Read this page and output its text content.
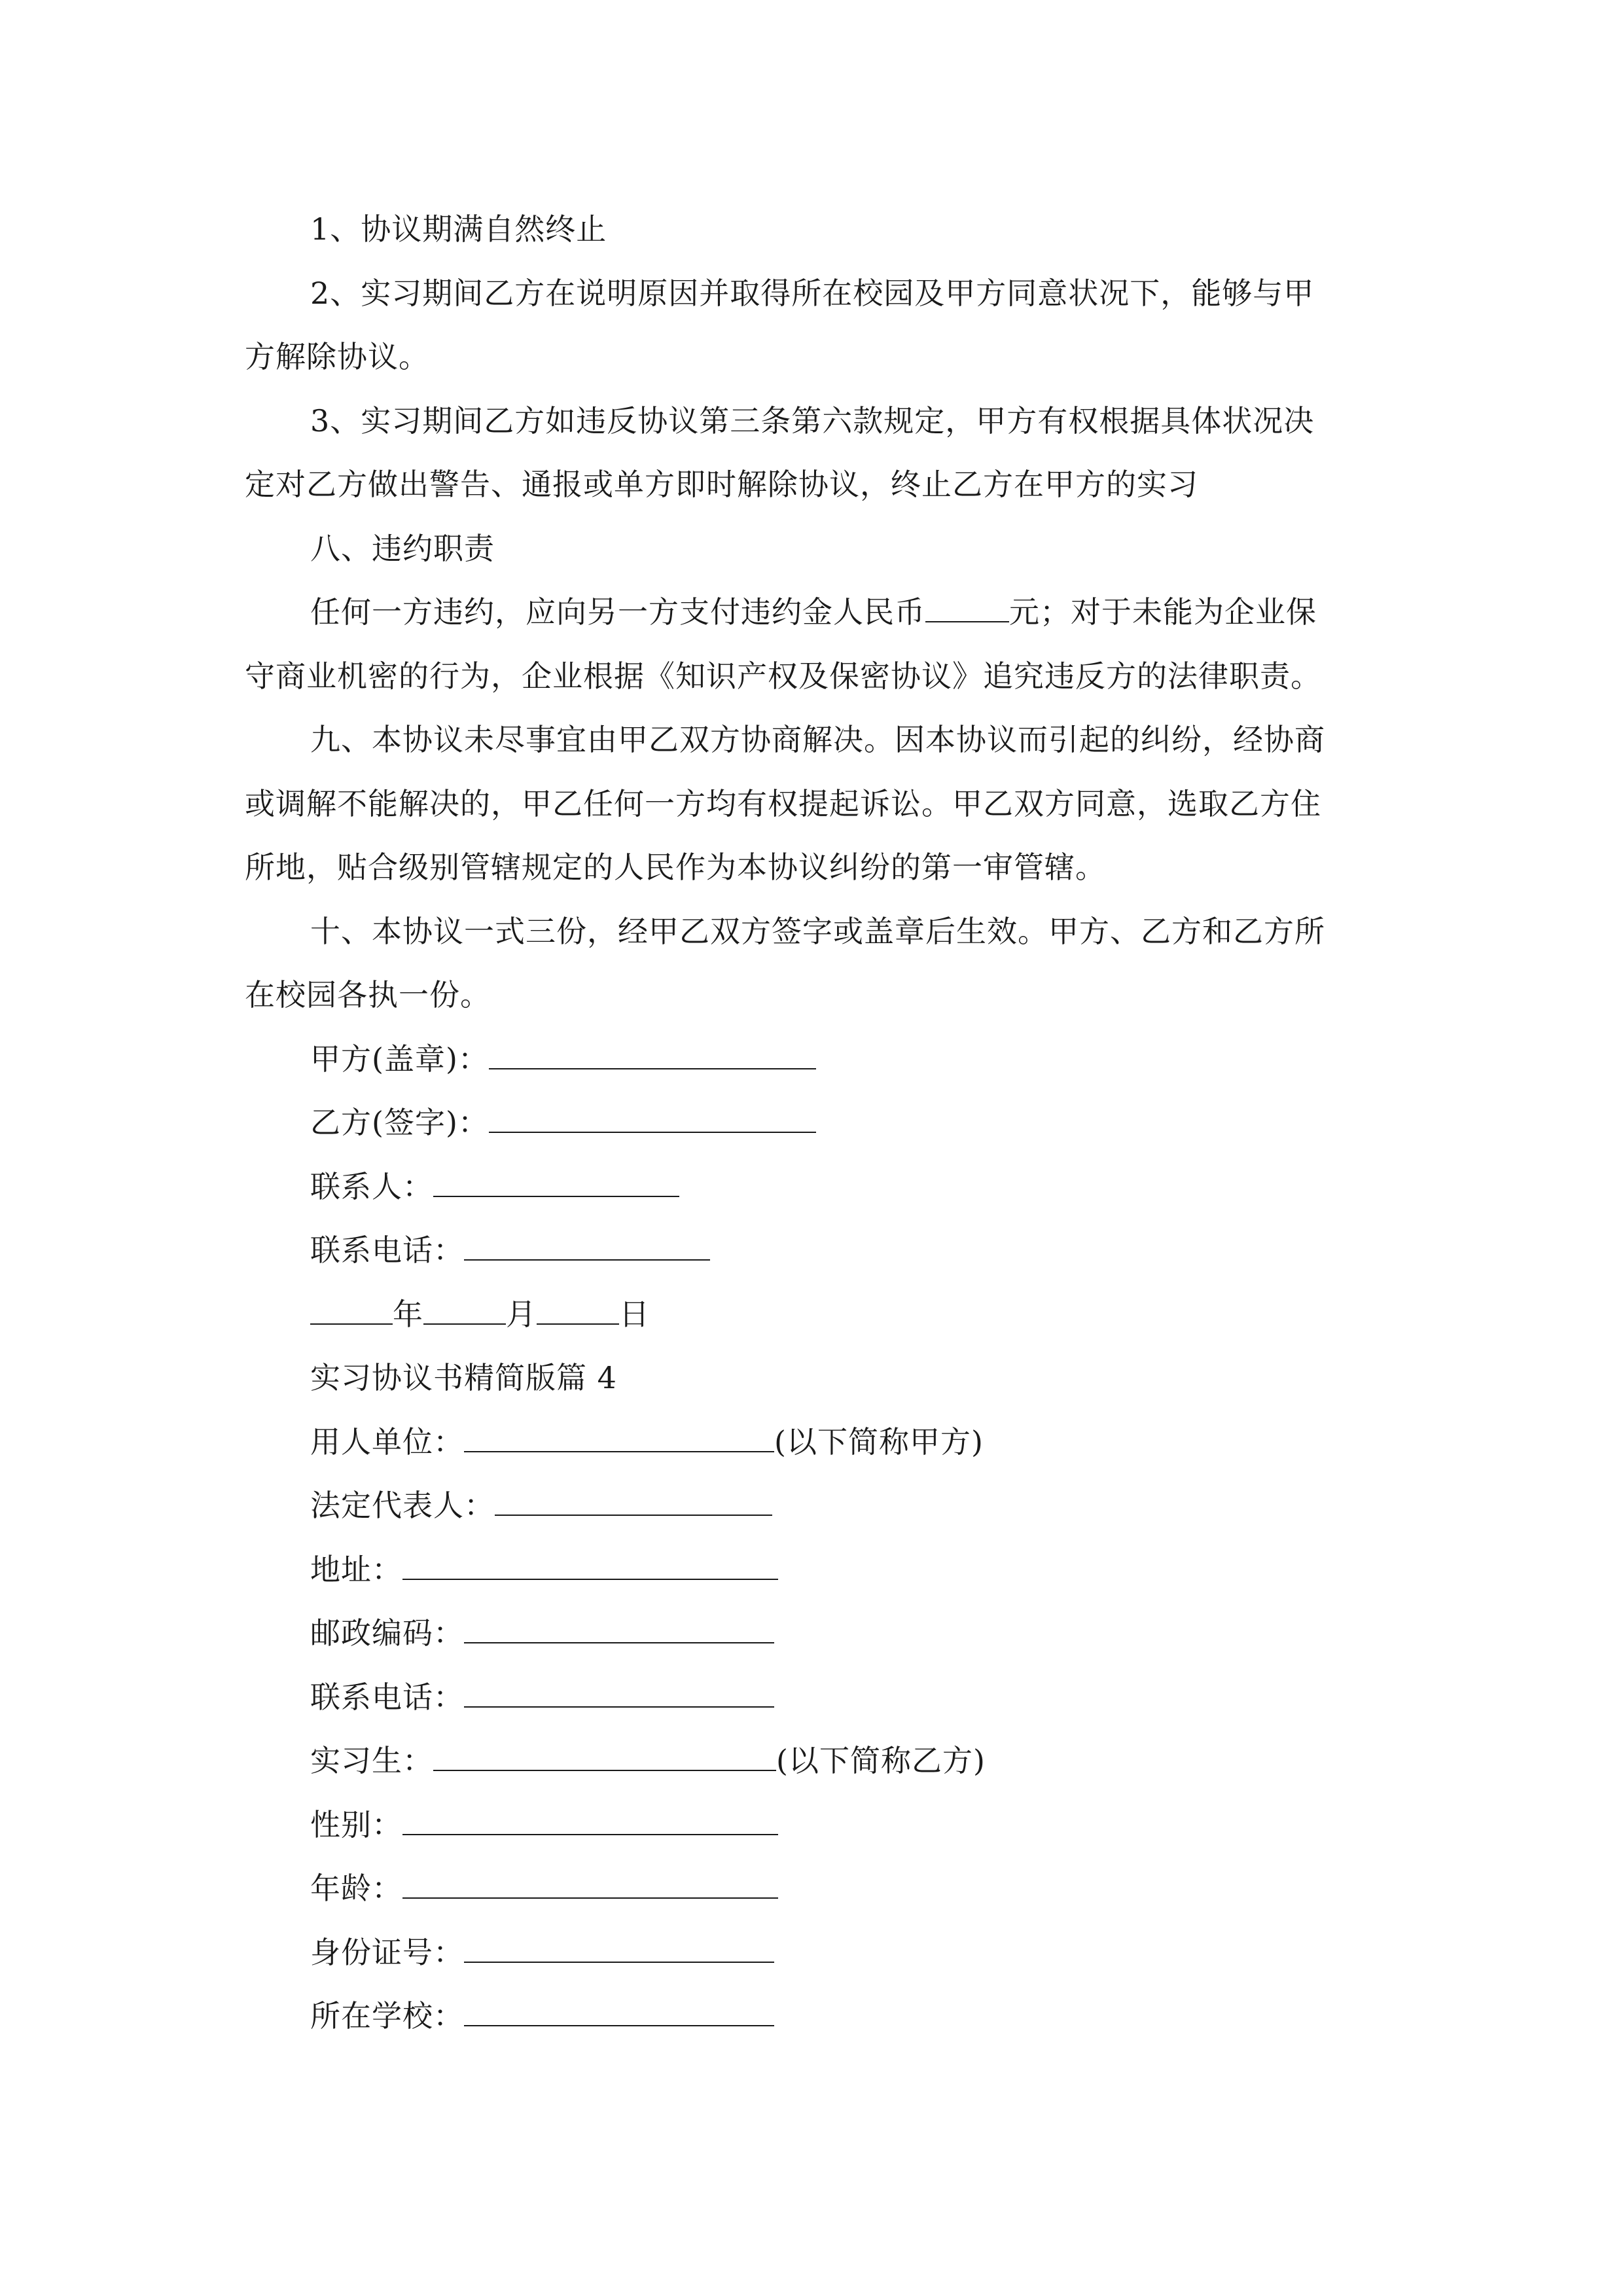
1、协议期满自然终止
2、实习期间乙方在说明原因并取得所在校园及甲方同意状况下，能够与甲
方解除协议。
3、实习期间乙方如违反协议第三条第六款规定，甲方有权根据具体状况决
定对乙方做出警告、通报或单方即时解除协议，终止乙方在甲方的实习
八、违约职责
任何一方违约，应向另一方支付违约金人民币	元；对于未能为企业保
守商业机密的行为，企业根据《知识产权及保密协议》追究违反方的法律职责。
九、本协议未尽事宜由甲乙双方协商解决。因本协议而引起的纠纷，经协商
或调解不能解决的，甲乙任何一方均有权提起诉讼。甲乙双方同意，选取乙方住
所地，贴合级别管辖规定的人民作为本协议纠纷的第一审管辖。
十、本协议一式三份，经甲乙双方签字或盖章后生效。甲方、乙方和乙方所
在校园各执一份。
甲方(盖章)：
乙方(签字)：
联系人：
联系电话：
年	月	日
实习协议书精简版篇 4
用人单位：	(以下简称甲方)
法定代表人：
地址：
邮政编码：
联系电话：
实习生：	(以下简称乙方)
性别：
年龄：
身份证号：
所在学校：
